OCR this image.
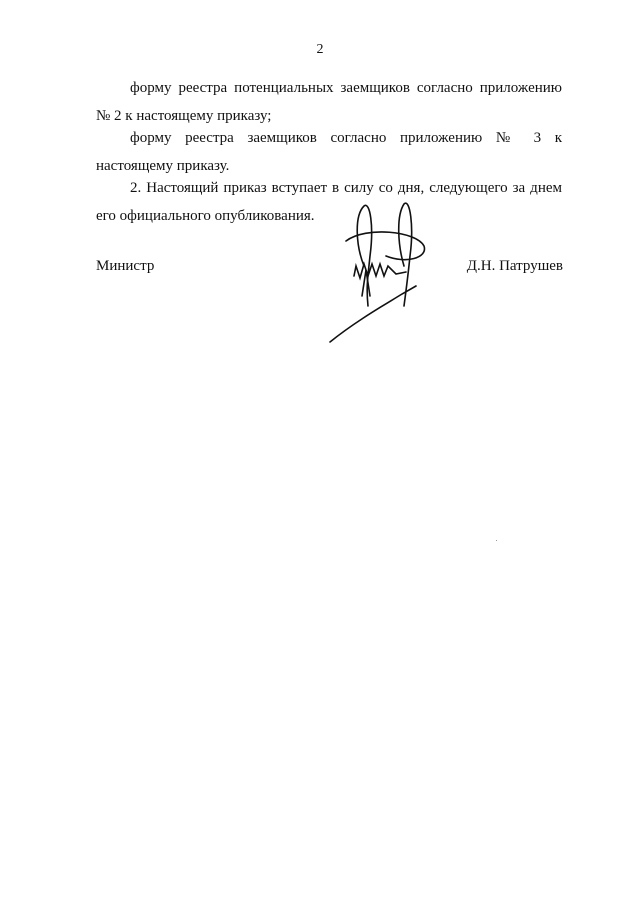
2

форму реестра потенциальных заемщиков согласно приложению № 2 к настоящему приказу;

форму реестра заемщиков согласно приложению № 3 к настоящему приказу.

2. Настоящий приказ вступает в силу со дня, следующего за днем его официального опубликования.

Министр	Д.Н. Патрушев
